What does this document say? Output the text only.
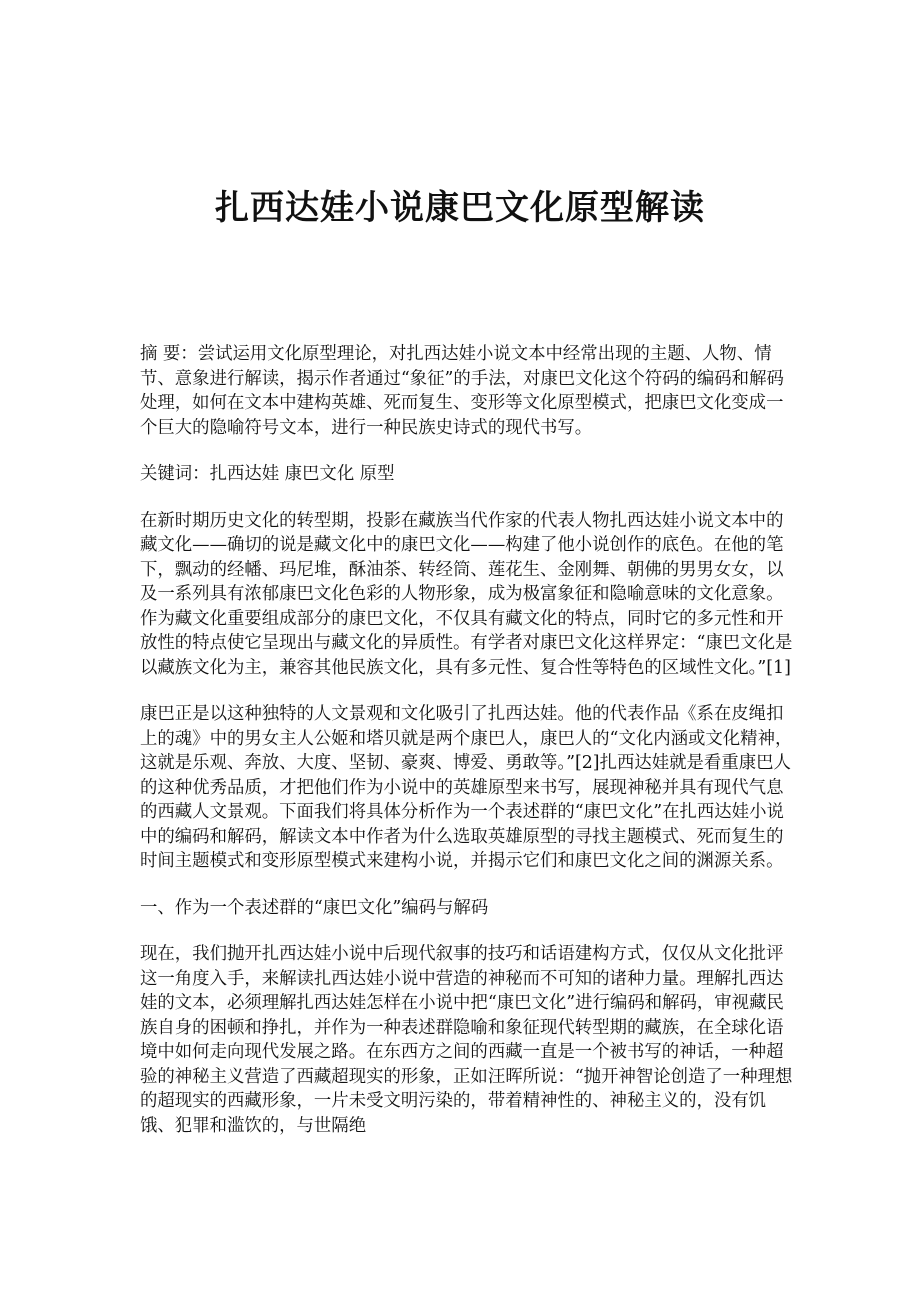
扎西达娃小说康巴文化原型解读

摘 要：尝试运用文化原型理论，对扎西达娃小说文本中经常出现的主题、人物、情节、意象进行解读，揭示作者通过“象征”的手法，对康巴文化这个符码的编码和解码处理，如何在文本中建构英雄、死而复生、变形等文化原型模式，把康巴文化变成一个巨大的隐喻符号文本，进行一种民族史诗式的现代书写。

关键词：扎西达娃 康巴文化 原型

在新时期历史文化的转型期，投影在藏族当代作家的代表人物扎西达娃小说文本中的藏文化——确切的说是藏文化中的康巴文化——构建了他小说创作的底色。在他的笔下，飘动的经幡、玛尼堆，酥油茶、转经筒、莲花生、金刚舞、朝佛的男男女女，以及一系列具有浓郁康巴文化色彩的人物形象，成为极富象征和隐喻意味的文化意象。作为藏文化重要组成部分的康巴文化，不仅具有藏文化的特点，同时它的多元性和开放性的特点使它呈现出与藏文化的异质性。有学者对康巴文化这样界定：“康巴文化是以藏族文化为主，兼容其他民族文化，具有多元性、复合性等特色的区域性文化。”[1]

康巴正是以这种独特的人文景观和文化吸引了扎西达娃。他的代表作品《系在皮绳扣上的魂》中的男女主人公姬和塔贝就是两个康巴人，康巴人的“文化内涵或文化精神，这就是乐观、奔放、大度、坚韧、豪爽、博爱、勇敢等。”[2]扎西达娃就是看重康巴人的这种优秀品质，才把他们作为小说中的英雄原型来书写，展现神秘并具有现代气息的西藏人文景观。下面我们将具体分析作为一个表述群的“康巴文化”在扎西达娃小说中的编码和解码，解读文本中作者为什么选取英雄原型的寻找主题模式、死而复生的时间主题模式和变形原型模式来建构小说，并揭示它们和康巴文化之间的渊源关系。

一、作为一个表述群的“康巴文化”编码与解码

现在，我们抛开扎西达娃小说中后现代叙事的技巧和话语建构方式，仅仅从文化批评这一角度入手，来解读扎西达娃小说中营造的神秘而不可知的诸种力量。理解扎西达娃的文本，必须理解扎西达娃怎样在小说中把“康巴文化”进行编码和解码，审视藏民族自身的困顿和挣扎，并作为一种表述群隐喻和象征现代转型期的藏族，在全球化语境中如何走向现代发展之路。在东西方之间的西藏一直是一个被书写的神话，一种超验的神秘主义营造了西藏超现实的形象，正如汪晖所说：“抛开神智论创造了一种理想的超现实的西藏形象，一片未受文明污染的，带着精神性的、神秘主义的，没有饥饿、犯罪和滥饮的，与世隔绝
